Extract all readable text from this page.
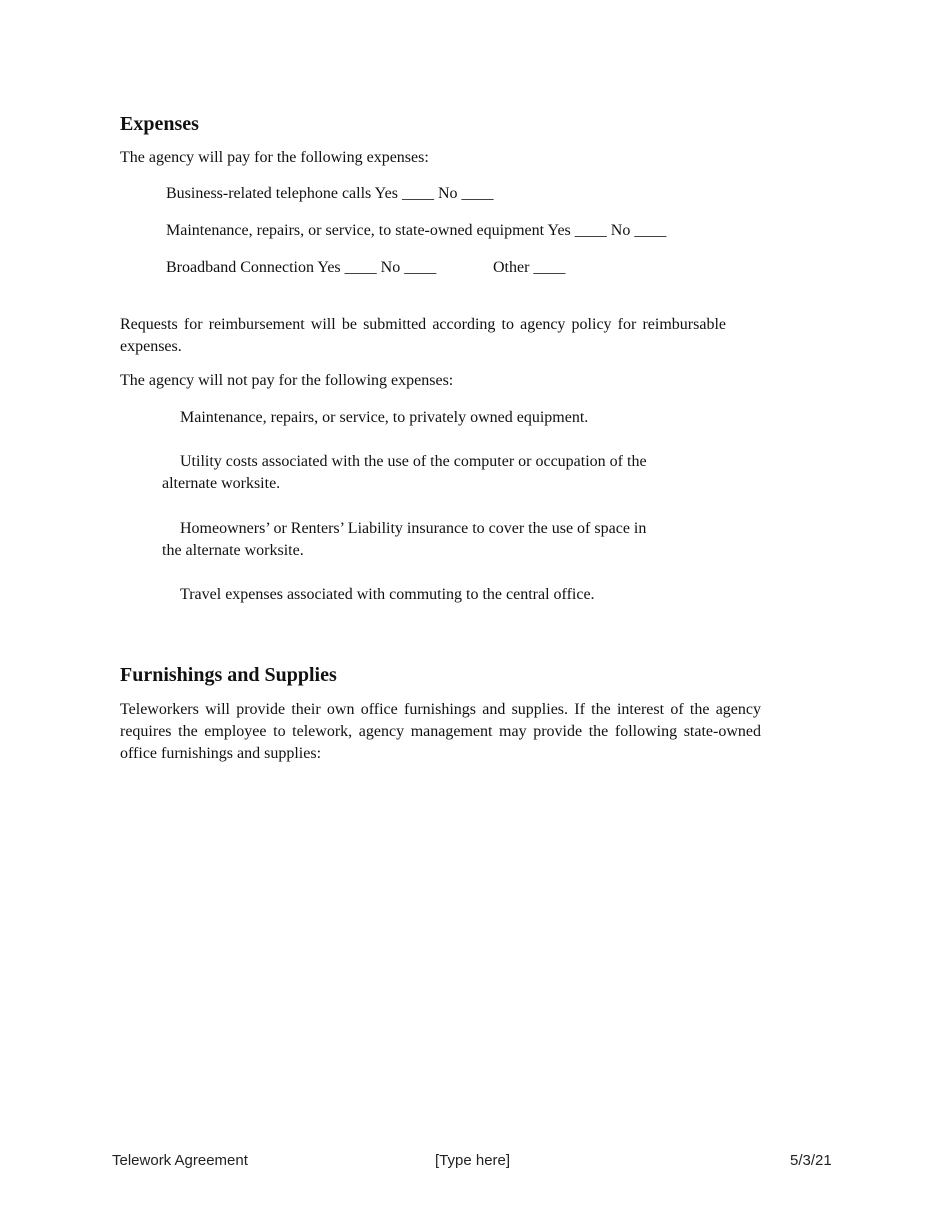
Expenses
The agency will pay for the following expenses:
Business-related telephone calls Yes ____ No ____
Maintenance, repairs, or service, to state-owned equipment Yes ____ No ____
Broadband Connection Yes ____ No ____	Other ____
Requests for reimbursement will be submitted according to agency policy for reimbursable expenses.
The agency will not pay for the following expenses:
Maintenance, repairs, or service, to privately owned equipment.
Utility costs associated with the use of the computer or occupation of the alternate worksite.
Homeowners’ or Renters’ Liability insurance to cover the use of space in the alternate worksite.
Travel expenses associated with commuting to the central office.
Furnishings and Supplies
Teleworkers will provide their own office furnishings and supplies. If the interest of the agency requires the employee to telework, agency management may provide the following state-owned office furnishings and supplies:
Telework Agreement	[Type here]	5/3/21
